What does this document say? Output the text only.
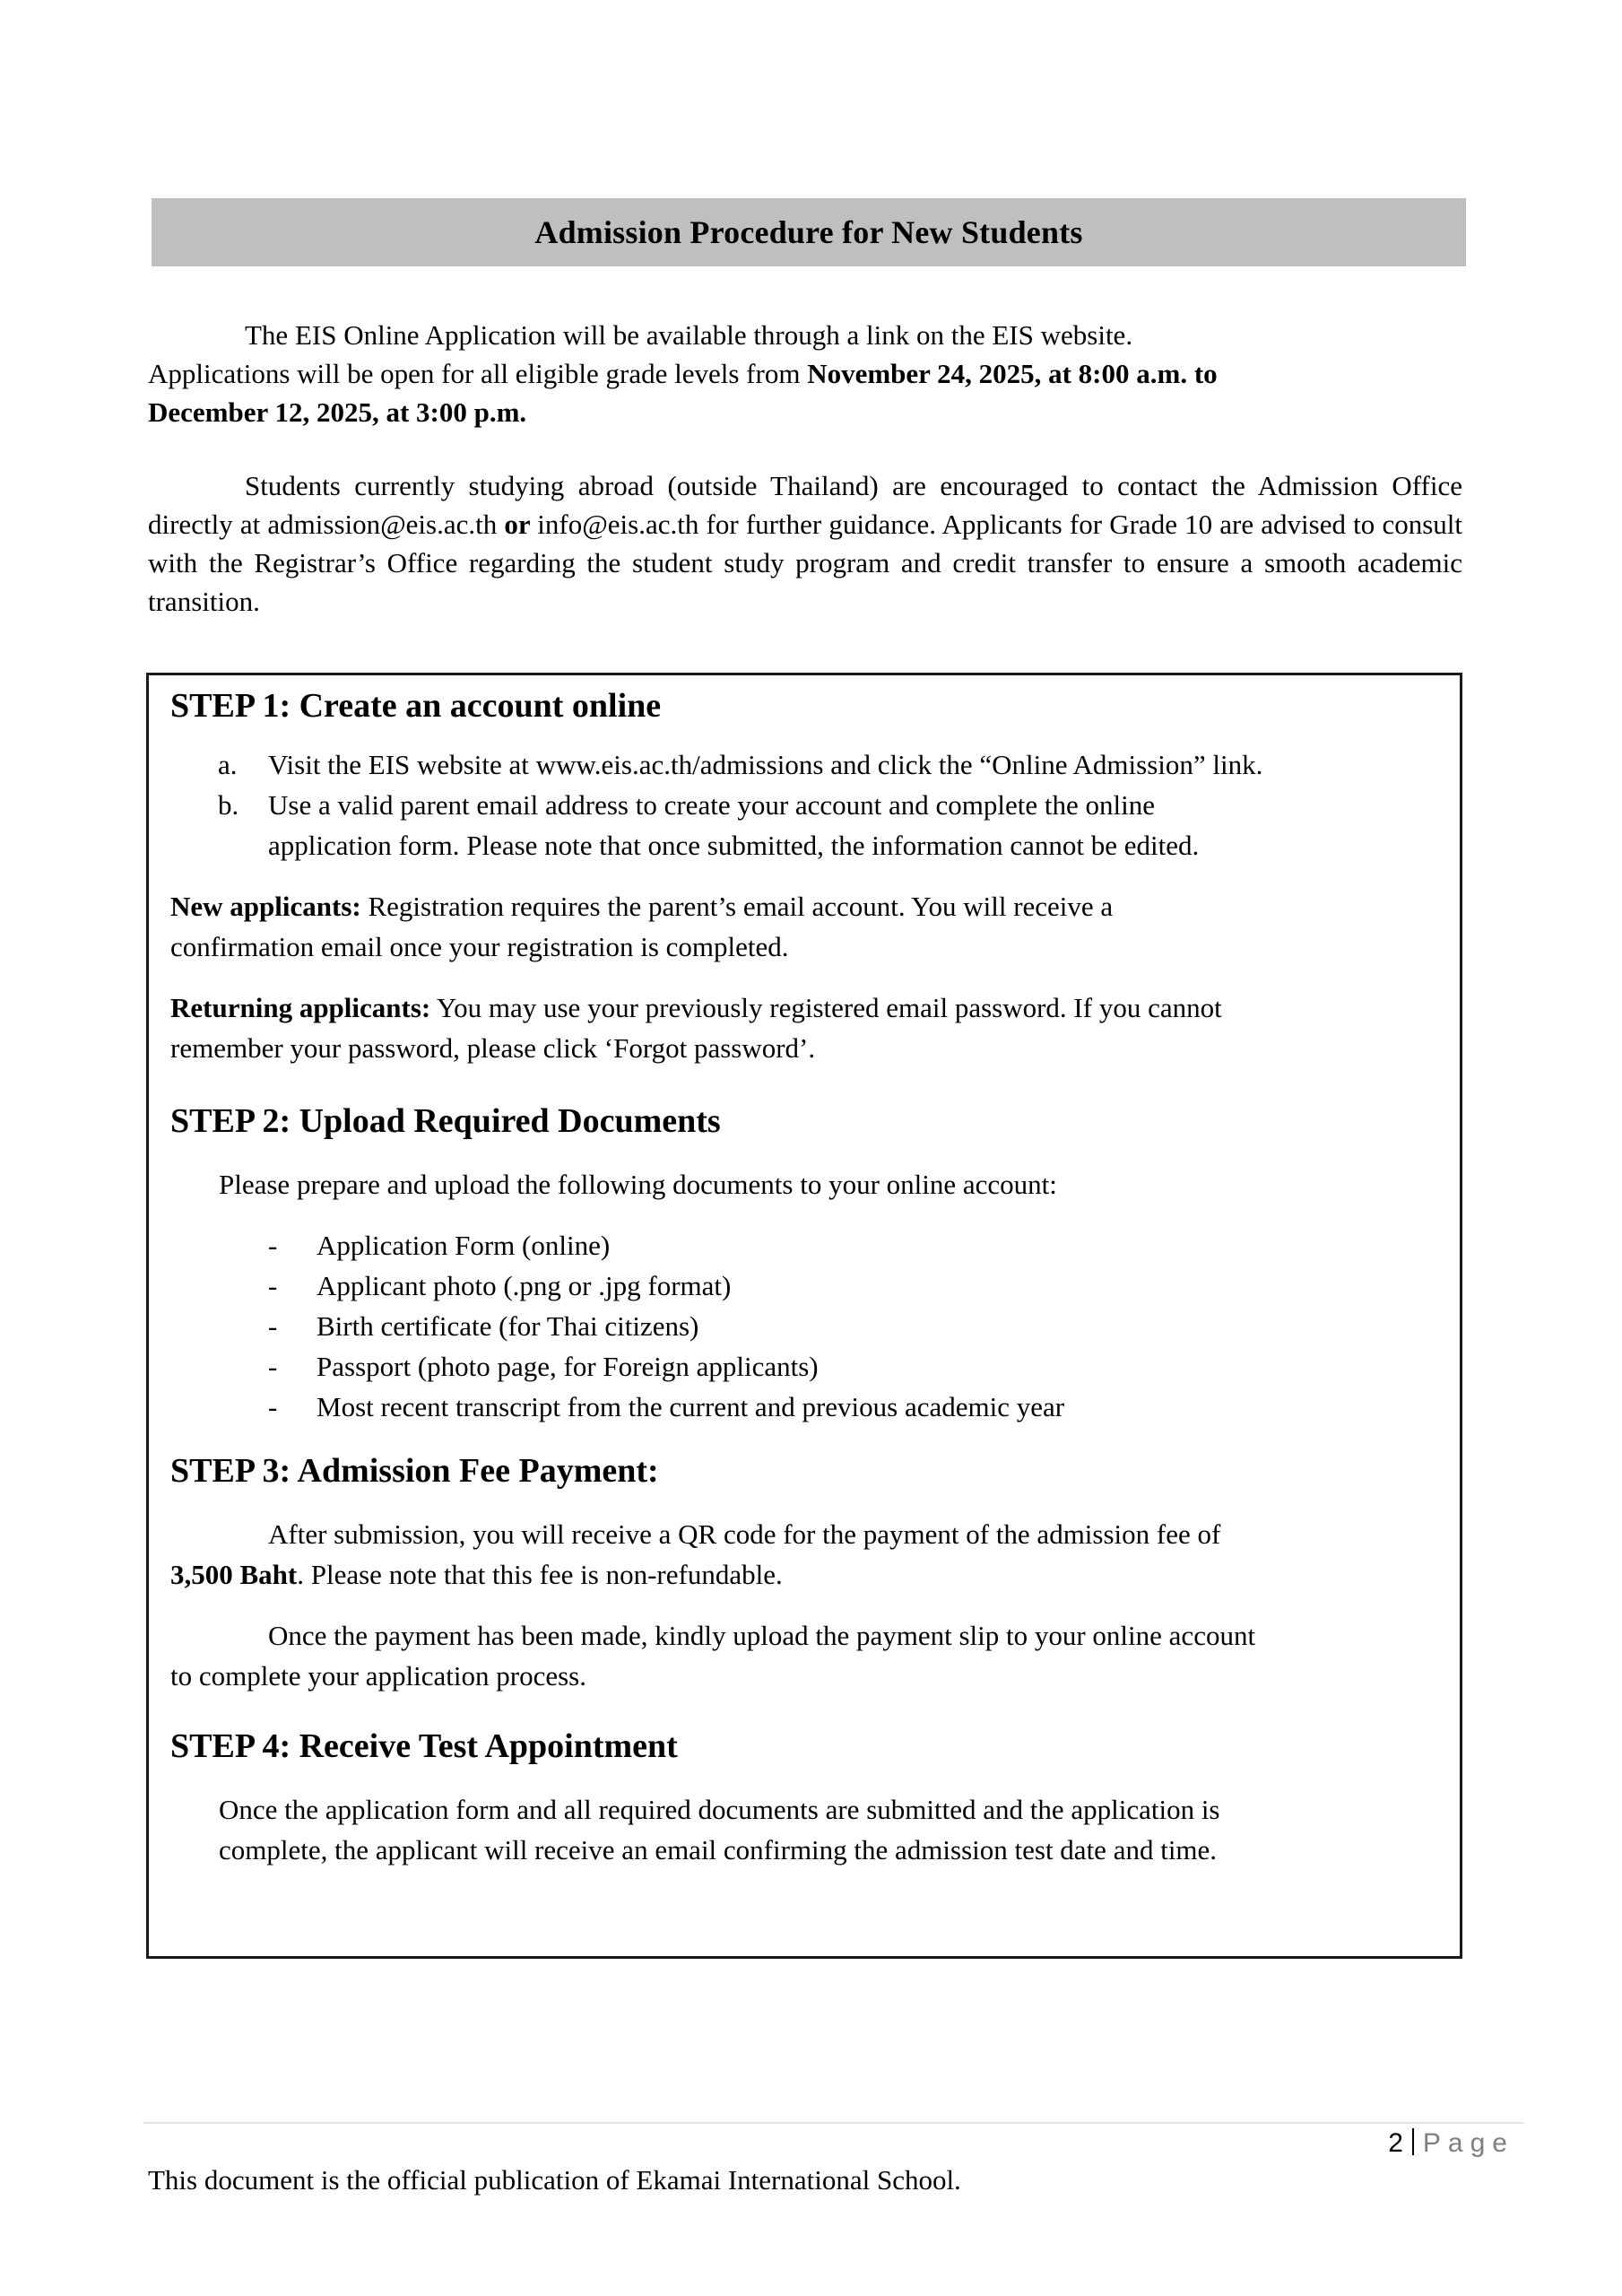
Admission Procedure for New Students

The EIS Online Application will be available through a link on the EIS website.

Applications will be open for all eligible grade levels from November 24, 2025, at 8:00 a.m. to

December 12, 2025, at 3:00 p.m.

Students currently studying abroad (outside Thailand) are encouraged to contact the Admission Office directly at admission@eis.ac.th or info@eis.ac.th for further guidance. Applicants for Grade 10 are advised to consult with the Registrar’s Office regarding the student study program and credit transfer to ensure a smooth academic transition.

STEP 1: Create an account online
a. Visit the EIS website at www.eis.ac.th/admissions and click the “Online Admission” link.
b. Use a valid parent email address to create your account and complete the online
application form. Please note that once submitted, the information cannot be edited.

New applicants: Registration requires the parent’s email account. You will receive a

confirmation email once your registration is completed.

Returning applicants: You may use your previously registered email password. If you cannot

remember your password, please click ‘Forgot password’.

STEP 2: Upload Required Documents

Please prepare and upload the following documents to your online account:

- Application Form (online)
- Applicant photo (.png or .jpg format)
- Birth certificate (for Thai citizens)
- Passport (photo page, for Foreign applicants)
- Most recent transcript from the current and previous academic year
STEP 3: Admission Fee Payment:

After submission, you will receive a QR code for the payment of the admission fee of

3,500 Baht. Please note that this fee is non-refundable.

Once the payment has been made, kindly upload the payment slip to your online account

to complete your application process.

STEP 4: Receive Test Appointment

Once the application form and all required documents are submitted and the application is

complete, the applicant will receive an email confirming the admission test date and time.

2 Page
This document is the official publication of Ekamai International School.
